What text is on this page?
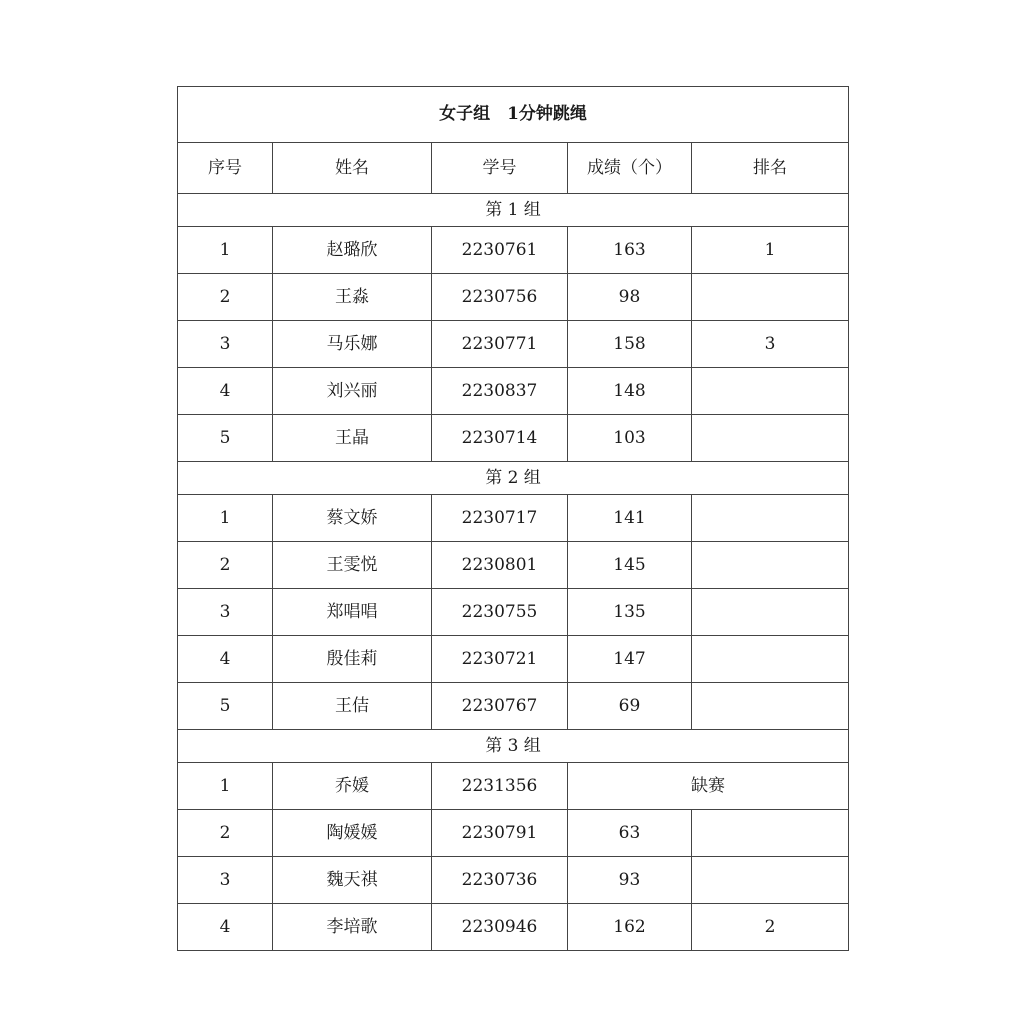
女子组　1分钟跳绳				
序号	姓名	学号	成绩（个）	排名
第 1 组				
1	赵璐欣	2230761	163	1
2	王淼	2230756	98	
3	马乐娜	2230771	158	3
4	刘兴丽	2230837	148	
5	王晶	2230714	103	
第 2 组				
1	蔡文娇	2230717	141	
2	王雯悦	2230801	145	
3	郑唱唱	2230755	135	
4	殷佳莉	2230721	147	
5	王佶	2230767	69	
第 3 组				
1	乔媛	2231356	缺赛	
2	陶媛媛	2230791	63	
3	魏天祺	2230736	93	
4	李培歌	2230946	162	2
